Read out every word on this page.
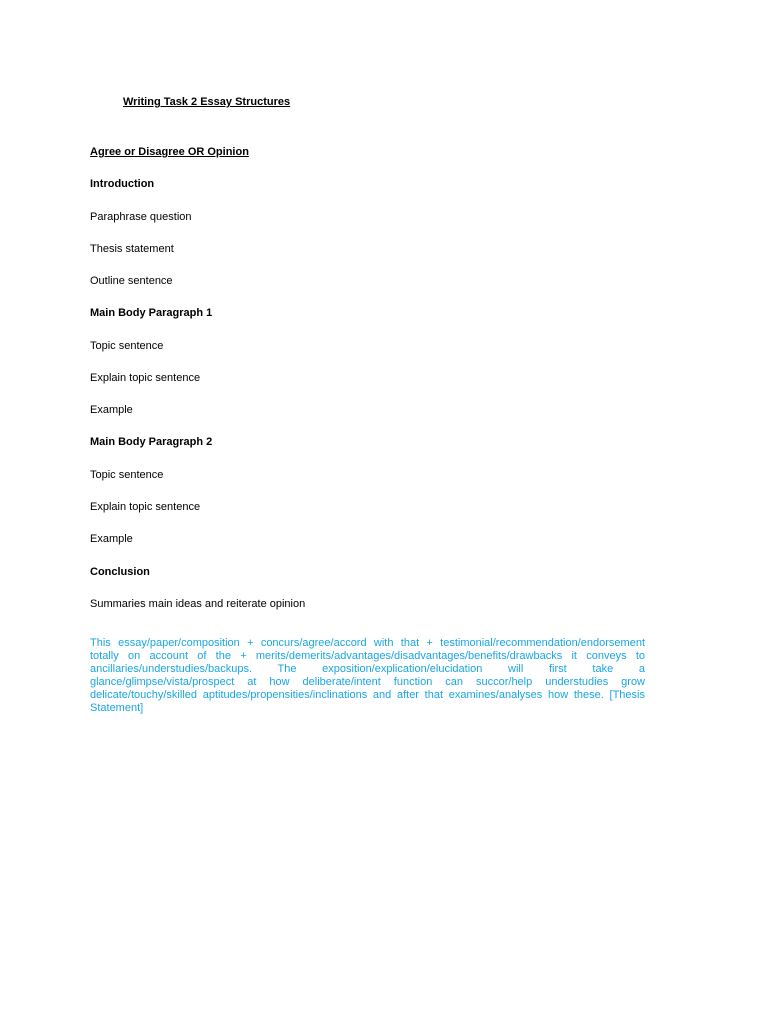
Writing Task 2 Essay Structures
Agree or Disagree OR Opinion
Introduction
Paraphrase question
Thesis statement
Outline sentence
Main Body Paragraph 1
Topic sentence
Explain topic sentence
Example
Main Body Paragraph 2
Topic sentence
Explain topic sentence
Example
Conclusion
Summaries main ideas and reiterate opinion

This essay/paper/composition + concurs/agree/accord with that + testimonial/recommendation/endorsement totally on account of the + merits/demerits/advantages/disadvantages/benefits/drawbacks it conveys to ancillaries/understudies/backups. The exposition/explication/elucidation will first take a glance/glimpse/vista/prospect at how deliberate/intent function can succor/help understudies grow delicate/touchy/skilled aptitudes/propensities/inclinations and after that examines/analyses how these. [Thesis Statement]
